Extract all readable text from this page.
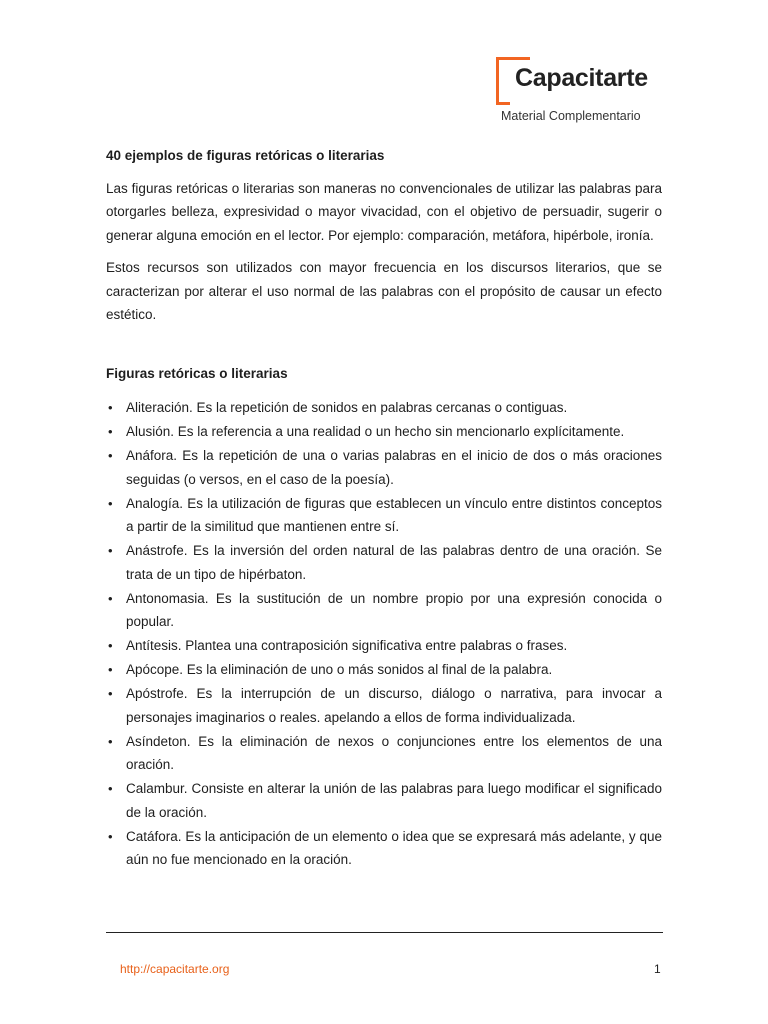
Capacitarte
Material Complementario

40 ejemplos de figuras retóricas o literarias

Las figuras retóricas o literarias son maneras no convencionales de utilizar las palabras para otorgarles belleza, expresividad o mayor vivacidad, con el objetivo de persuadir, sugerir o generar alguna emoción en el lector. Por ejemplo: comparación, metáfora, hipérbole, ironía.

Estos recursos son utilizados con mayor frecuencia en los discursos literarios, que se caracterizan por alterar el uso normal de las palabras con el propósito de causar un efecto estético.

Figuras retóricas o literarias

• Aliteración. Es la repetición de sonidos en palabras cercanas o contiguas.
• Alusión. Es la referencia a una realidad o un hecho sin mencionarlo explícitamente.
• Anáfora. Es la repetición de una o varias palabras en el inicio de dos o más oraciones seguidas (o versos, en el caso de la poesía).
• Analogía. Es la utilización de figuras que establecen un vínculo entre distintos conceptos a partir de la similitud que mantienen entre sí.
• Anástrofe. Es la inversión del orden natural de las palabras dentro de una oración. Se trata de un tipo de hipérbaton.
• Antonomasia. Es la sustitución de un nombre propio por una expresión conocida o popular.
• Antítesis. Plantea una contraposición significativa entre palabras o frases.
• Apócope. Es la eliminación de uno o más sonidos al final de la palabra.
• Apóstrofe. Es la interrupción de un discurso, diálogo o narrativa, para invocar a personajes imaginarios o reales. apelando a ellos de forma individualizada.
• Asíndeton. Es la eliminación de nexos o conjunciones entre los elementos de una oración.
• Calambur. Consiste en alterar la unión de las palabras para luego modificar el significado de la oración.
• Catáfora. Es la anticipación de un elemento o idea que se expresará más adelante, y que aún no fue mencionado en la oración.
http://capacitarte.org	1
